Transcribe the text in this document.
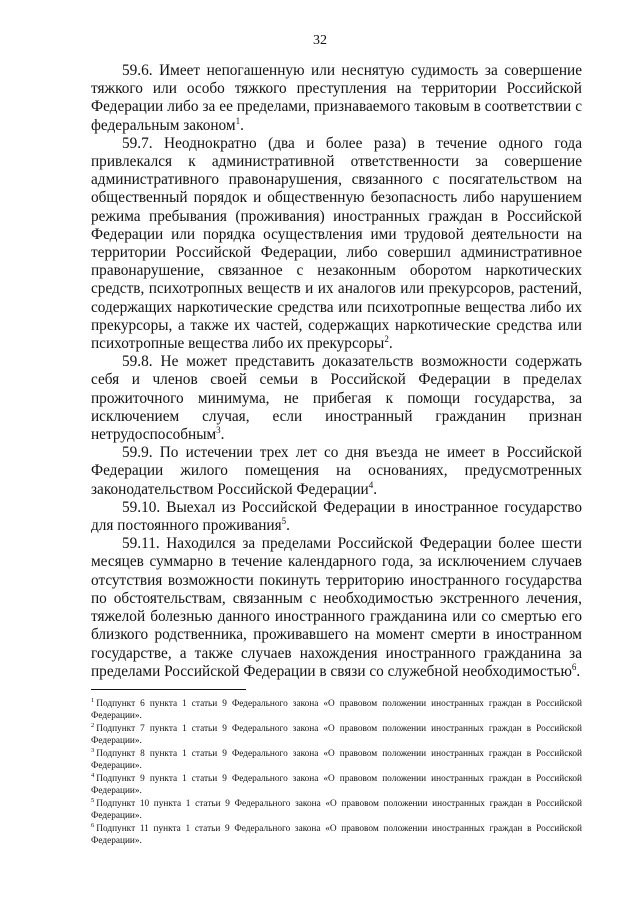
32

59.6. Имеет непогашенную или неснятую судимость за совершение тяжкого или особо тяжкого преступления на территории Российской Федерации либо за ее пределами, признаваемого таковым в соответствии с федеральным законом$^1$.

59.7. Неоднократно (два и более раза) в течение одного года привлекался к административной ответственности за совершение административного правонарушения, связанного с посягательством на общественный порядок и общественную безопасность либо нарушением режима пребывания (проживания) иностранных граждан в Российской Федерации или порядка осуществления ими трудовой деятельности на территории Российской Федерации, либо совершил административное правонарушение, связанное с незаконным оборотом наркотических средств, психотропных веществ и их аналогов или прекурсоров, растений, содержащих наркотические средства или психотропные вещества либо их прекурсоры, а также их частей, содержащих наркотические средства или психотропные вещества либо их прекурсоры$^2$.

59.8. Не может представить доказательств возможности содержать себя и членов своей семьи в Российской Федерации в пределах прожиточного минимума, не прибегая к помощи государства, за исключением случая, если иностранный гражданин признан нетрудоспособным$^3$.

59.9. По истечении трех лет со дня въезда не имеет в Российской Федерации жилого помещения на основаниях, предусмотренных законодательством Российской Федерации$^4$.

59.10. Выехал из Российской Федерации в иностранное государство для постоянного проживания$^5$.

59.11. Находился за пределами Российской Федерации более шести месяцев суммарно в течение календарного года, за исключением случаев отсутствия возможности покинуть территорию иностранного государства по обстоятельствам, связанным с необходимостью экстренного лечения, тяжелой болезнью данного иностранного гражданина или со смертью его близкого родственника, проживавшего на момент смерти в иностранном государстве, а также случаев нахождения иностранного гражданина за пределами Российской Федерации в связи со служебной необходимостью$^6$.

$^1$ Подпункт 6 пункта 1 статьи 9 Федерального закона «О правовом положении иностранных граждан в Российской Федерации».

$^2$ Подпункт 7 пункта 1 статьи 9 Федерального закона «О правовом положении иностранных граждан в Российской Федерации».

$^3$ Подпункт 8 пункта 1 статьи 9 Федерального закона «О правовом положении иностранных граждан в Российской Федерации».

$^4$ Подпункт 9 пункта 1 статьи 9 Федерального закона «О правовом положении иностранных граждан в Российской Федерации».

$^5$ Подпункт 10 пункта 1 статьи 9 Федерального закона «О правовом положении иностранных граждан в Российской Федерации».

$^6$ Подпункт 11 пункта 1 статьи 9 Федерального закона «О правовом положении иностранных граждан в Российской Федерации».
